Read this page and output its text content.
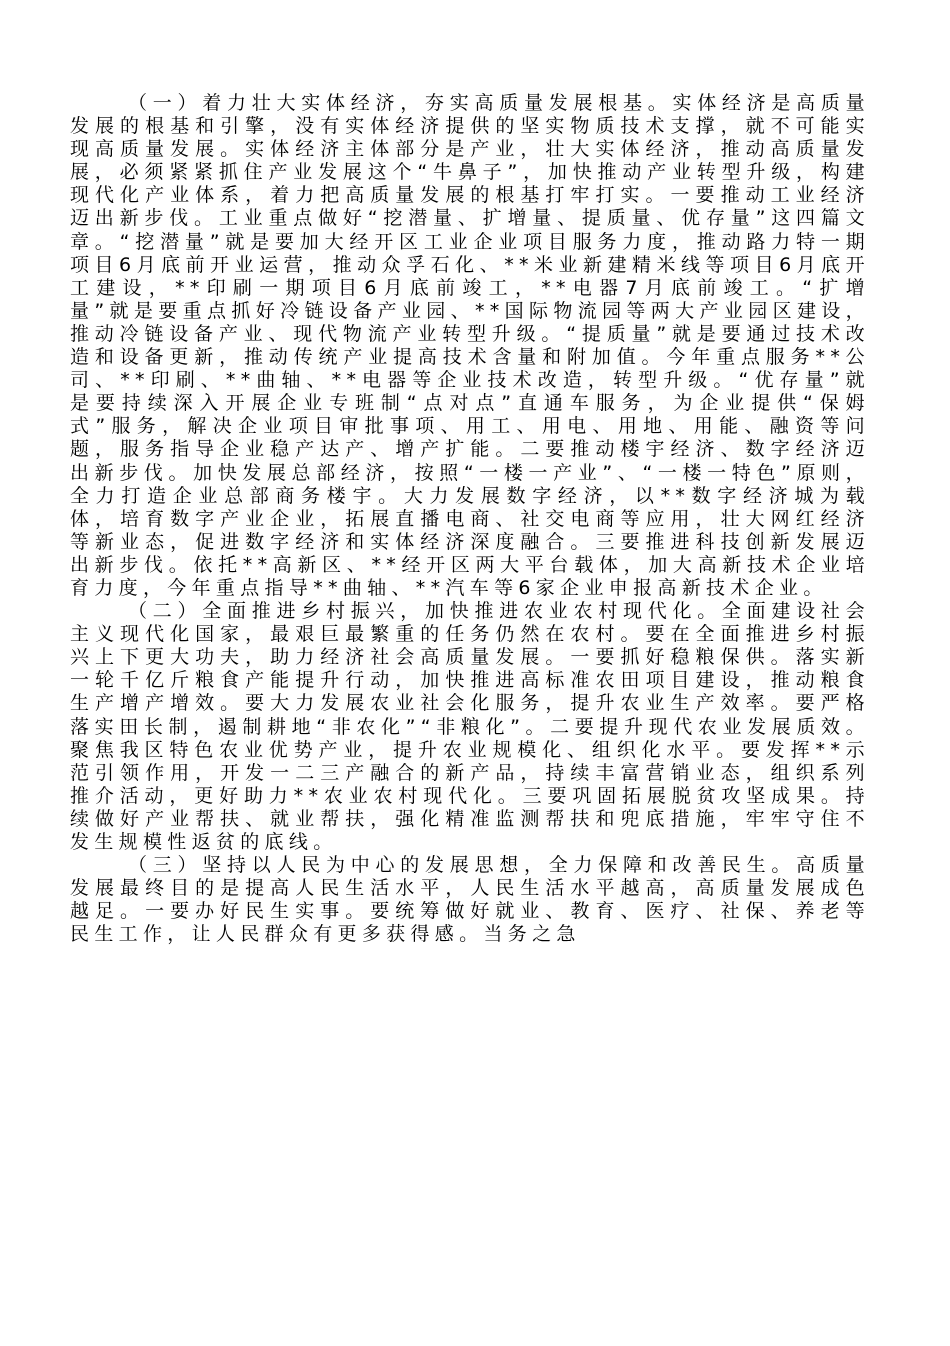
（一）着力壮大实体经济，夯实高质量发展根基。实体经济是高质量发展的根基和引擎，没有实体经济提供的坚实物质技术支撑，就不可能实现高质量发展。实体经济主体部分是产业，壮大实体经济，推动高质量发展，必须紧紧抓住产业发展这个“牛鼻子”，加快推动产业转型升级，构建现代化产业体系，着力把高质量发展的根基打牢打实。一要推动工业经济迈出新步伐。工业重点做好“挖潜量、扩增量、提质量、优存量”这四篇文章。“挖潜量”就是要加大经开区工业企业项目服务力度，推动路力特一期项目6月底前开业运营，推动众孚石化、**米业新建精米线等项目6月底开工建设，**印刷一期项目6月底前竣工，**电器7月底前竣工。“扩增量”就是要重点抓好冷链设备产业园、**国际物流园等两大产业园区建设，推动冷链设备产业、现代物流产业转型升级。“提质量”就是要通过技术改造和设备更新，推动传统产业提高技术含量和附加值。今年重点服务**公司、**印刷、**曲轴、**电器等企业技术改造，转型升级。“优存量”就是要持续深入开展企业专班制“点对点”直通车服务，为企业提供“保姆式”服务，解决企业项目审批事项、用工、用电、用地、用能、融资等问题，服务指导企业稳产达产、增产扩能。二要推动楼宇经济、数字经济迈出新步伐。加快发展总部经济，按照“一楼一产业”、“一楼一特色”原则，全力打造企业总部商务楼宇。大力发展数字经济，以**数字经济城为载体，培育数字产业企业，拓展直播电商、社交电商等应用，壮大网红经济等新业态，促进数字经济和实体经济深度融合。三要推进科技创新发展迈出新步伐。依托**高新区、**经开区两大平台载体，加大高新技术企业培育力度，今年重点指导**曲轴、**汽车等6家企业申报高新技术企业。

（二）全面推进乡村振兴，加快推进农业农村现代化。全面建设社会主义现代化国家，最艰巨最繁重的任务仍然在农村。要在全面推进乡村振兴上下更大功夫，助力经济社会高质量发展。一要抓好稳粮保供。落实新一轮千亿斤粮食产能提升行动，加快推进高标准农田项目建设，推动粮食生产增产增效。要大力发展农业社会化服务，提升农业生产效率。要严格落实田长制，遏制耕地“非农化”“非粮化”。二要提升现代农业发展质效。聚焦我区特色农业优势产业，提升农业规模化、组织化水平。要发挥**示范引领作用，开发一二三产融合的新产品，持续丰富营销业态，组织系列推介活动，更好助力**农业农村现代化。三要巩固拓展脱贫攻坚成果。持续做好产业帮扶、就业帮扶，强化精准监测帮扶和兜底措施，牢牢守住不发生规模性返贫的底线。

（三）坚持以人民为中心的发展思想，全力保障和改善民生。高质量发展最终目的是提高人民生活水平，人民生活水平越高，高质量发展成色越足。一要办好民生实事。要统筹做好就业、教育、医疗、社保、养老等民生工作，让人民群众有更多获得感。当务之急
